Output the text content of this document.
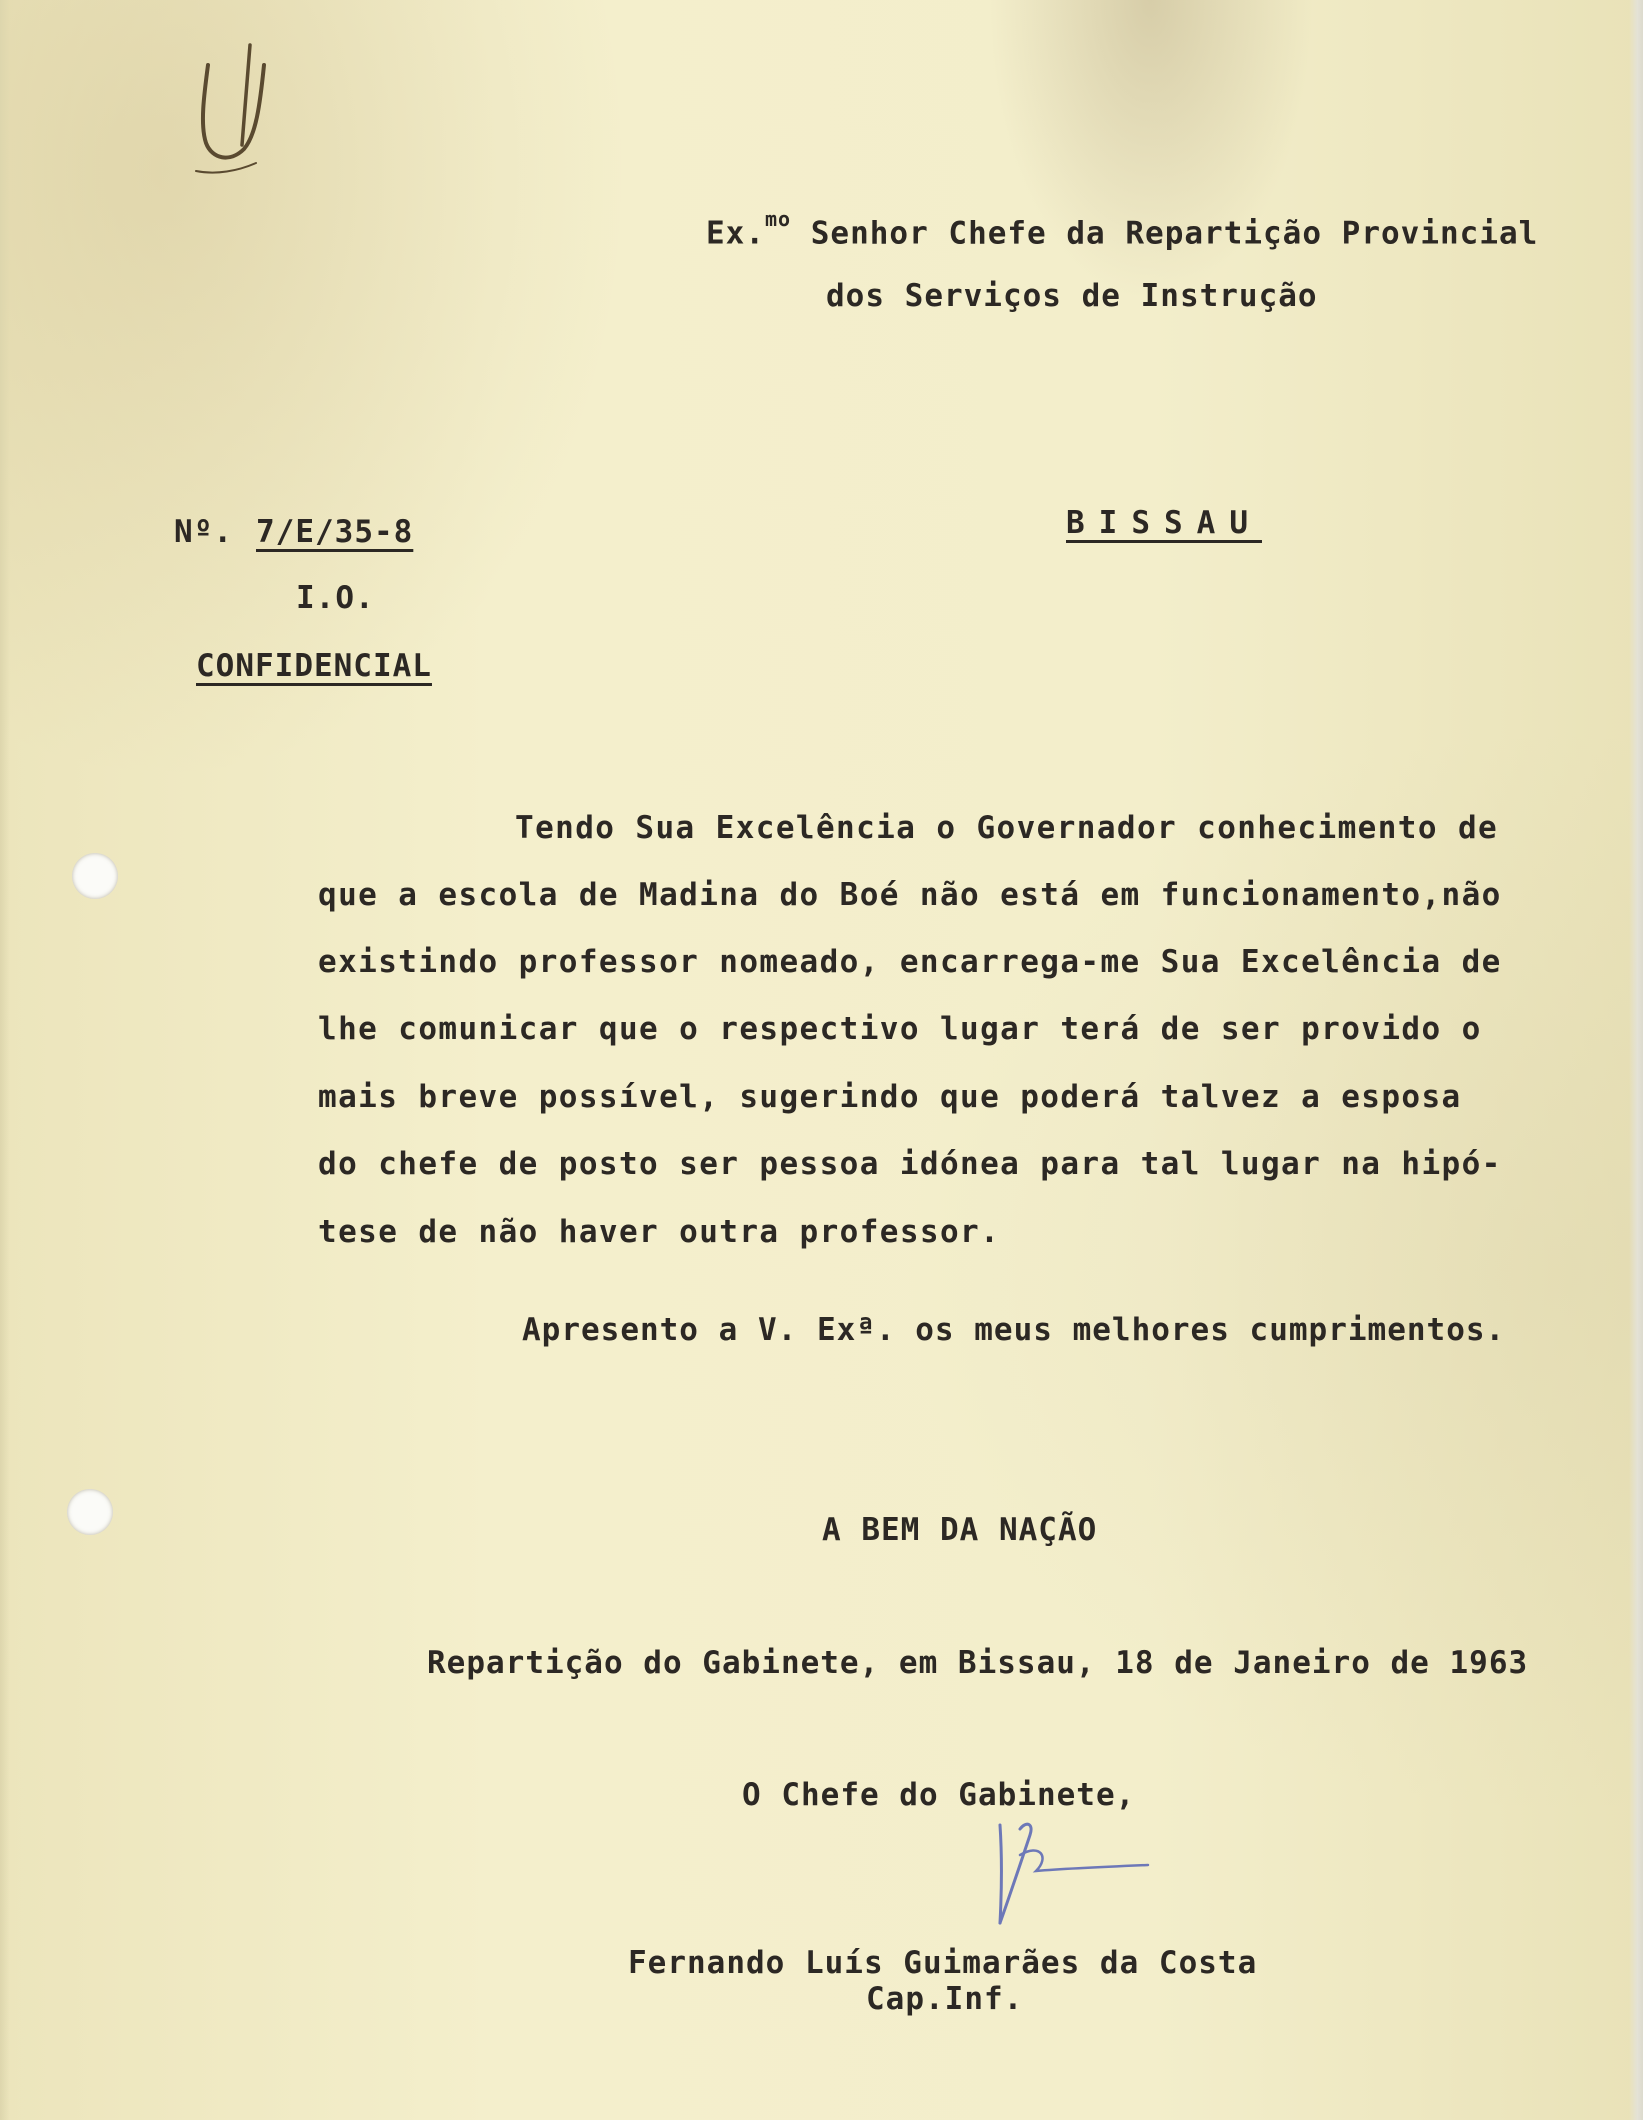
Ex.$^{mo}$ Senhor Chefe da Repartição Provincial
dos Serviços de Instrução
Nº. 7/E/35-8
I.O.
CONFIDENCIAL
BISSAU
Tendo Sua Excelência o Governador conhecimento de
que a escola de Madina do Boé não está em funcionamento,não
existindo professor nomeado, encarrega-me Sua Excelência de
lhe comunicar que o respectivo lugar terá de ser provido o
mais breve possível, sugerindo que poderá talvez a esposa
do chefe de posto ser pessoa idónea para tal lugar na hipó-
tese de não haver outra professor.
Apresento a V. Exª. os meus melhores cumprimentos.
A BEM DA NAÇÃO
Repartição do Gabinete, em Bissau, 18 de Janeiro de 1963
O Chefe do Gabinete,
Fernando Luís Guimarães da Costa
Cap.Inf.
